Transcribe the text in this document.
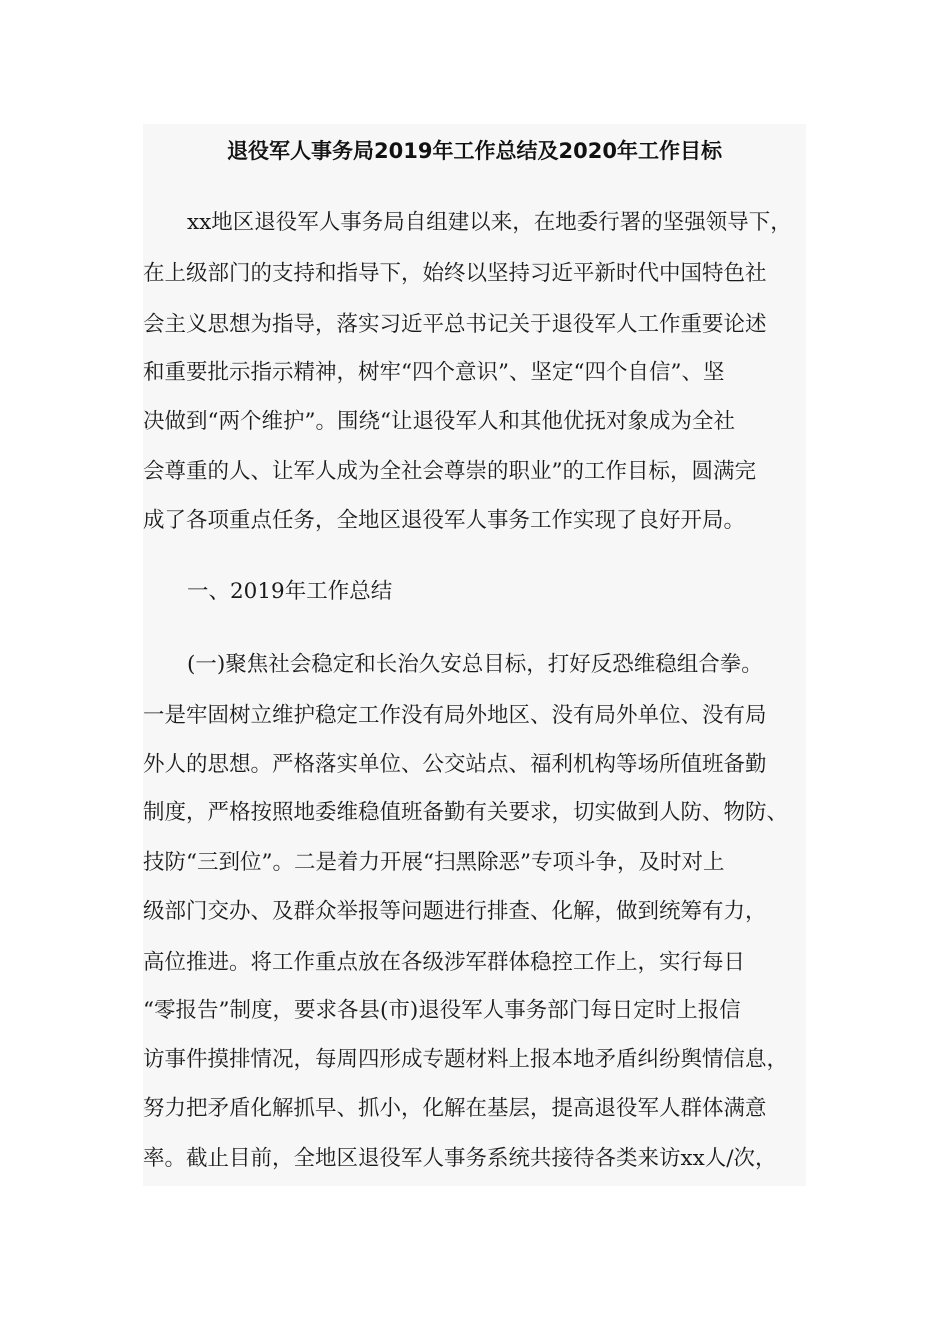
退役军人事务局2019年工作总结及2020年工作目标
xx地区退役军人事务局自组建以来，在地委行署的坚强领导下，
在上级部门的支持和指导下，始终以坚持习近平新时代中国特色社
会主义思想为指导，落实习近平总书记关于退役军人工作重要论述
和重要批示指示精神，树牢“四个意识”、坚定“四个自信”、坚
决做到“两个维护”。围绕“让退役军人和其他优抚对象成为全社
会尊重的人、让军人成为全社会尊崇的职业”的工作目标，圆满完
成了各项重点任务，全地区退役军人事务工作实现了良好开局。
一、2019年工作总结
(一)聚焦社会稳定和长治久安总目标，打好反恐维稳组合拳。
一是牢固树立维护稳定工作没有局外地区、没有局外单位、没有局
外人的思想。严格落实单位、公交站点、福利机构等场所值班备勤
制度，严格按照地委维稳值班备勤有关要求，切实做到人防、物防、
技防“三到位”。二是着力开展“扫黑除恶”专项斗争，及时对上
级部门交办、及群众举报等问题进行排查、化解，做到统筹有力，
高位推进。将工作重点放在各级涉军群体稳控工作上，实行每日
“零报告”制度，要求各县(市)退役军人事务部门每日定时上报信
访事件摸排情况，每周四形成专题材料上报本地矛盾纠纷舆情信息，
努力把矛盾化解抓早、抓小，化解在基层，提高退役军人群体满意
率。截止目前，全地区退役军人事务系统共接待各类来访xx人/次，
